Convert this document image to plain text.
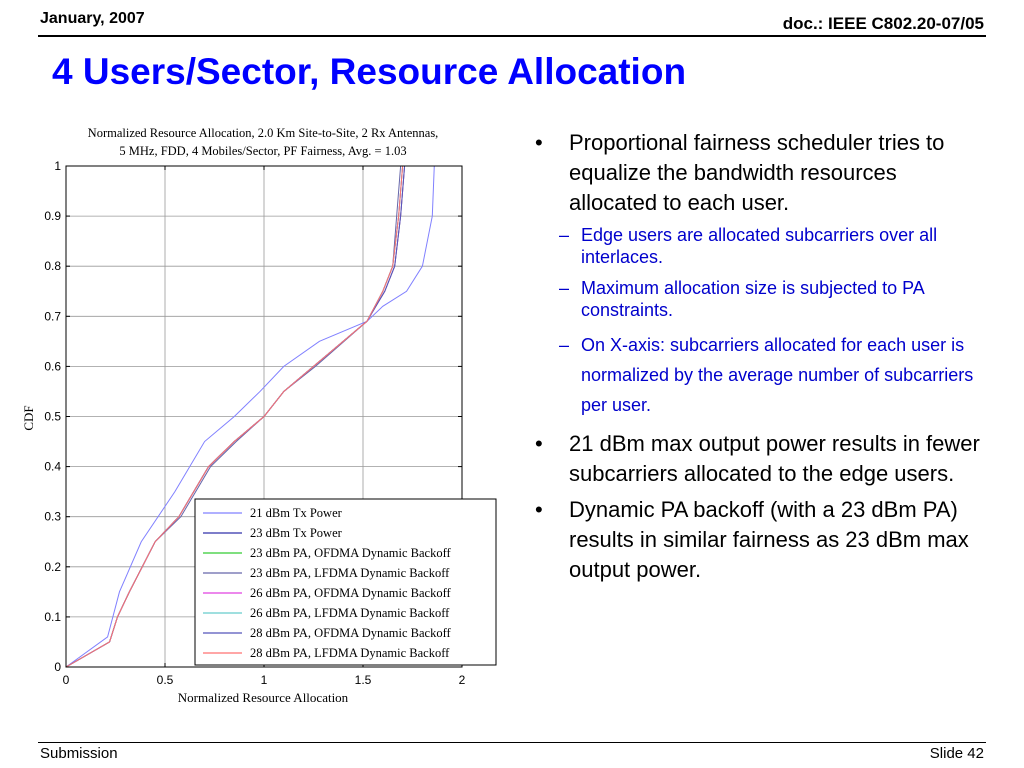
January, 2007	doc.: IEEE C802.20-07/05
4 Users/Sector, Resource Allocation
Normalized Resource Allocation, 2.0 Km Site-to-Site, 2 Rx Antennas,
5 MHz, FDD, 4 Mobiles/Sector, PF Fairness, Avg. = 1.03
0	0.5	1	1.5	2
0
0.1
0.2
0.3
0.4
0.5
0.6
0.7
0.8
0.9
1
Normalized Resource Allocation
CDF
21 dBm Tx Power
23 dBm Tx Power
23 dBm PA, OFDMA Dynamic Backoff
23 dBm PA, LFDMA Dynamic Backoff
26 dBm PA, OFDMA Dynamic Backoff
26 dBm PA, LFDMA Dynamic Backoff
28 dBm PA, OFDMA Dynamic Backoff
28 dBm PA, LFDMA Dynamic Backoff
• Proportional fairness scheduler tries to equalize the bandwidth resources allocated to each user.
– Edge users are allocated subcarriers over all interlaces.
– Maximum allocation size is subjected to PA constraints.
– On X-axis: subcarriers allocated for each user is normalized by the average number of subcarriers per user.
• 21 dBm max output power results in fewer subcarriers allocated to the edge users.
• Dynamic PA backoff (with a 23 dBm PA) results in similar fairness as 23 dBm max output power.
Submission	Slide 42
